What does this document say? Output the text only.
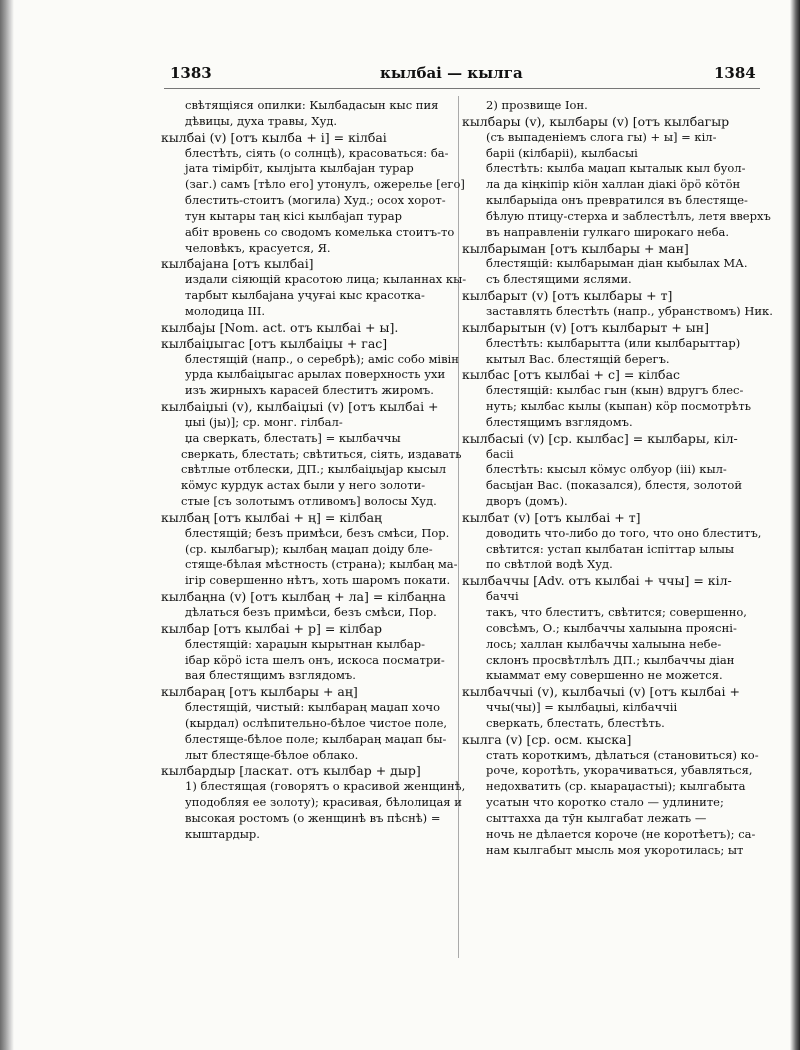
1383	кылбаі — кылга	1384
свѣтящіяся опилки: Кылбадасын кыс пия
дѣвицы, духа травы, Худ.
кылбаі (v) [отъ кылба + і] = кілбаі
блестѣть, сіять (о солнцѣ), красоваться: ба-
јата тімірбіт, кылјыта кылбајан турар
(заг.) самъ [тѣло его] утонулъ, ожерелье [его]
блестить-стоитъ (могила) Худ.; осох хорот-
тун кытары таң кісі кылбајап турар
абіт вровень со сводомъ комелька стоитъ-то
человѣкъ, красуется, Я.
кылбајана [отъ кылбаі]
издали сіяющій красотою лица; кыланнах кы-
тарбыт кылбајана уҷуғаі кыс красотка-
молодица III.
кылбајы [Nom. act. отъ кылбаі + ы].
кылбаіџыгас [отъ кылбаіџы + гас]
блестящій (напр., о серебрѣ); амiс собо мiвiн
урда кылбаіџыгас арылах поверхность ухи
изъ жирныхъ карасей блеститъ жиромъ.
кылбаіџыі (v), кылбаіџыі (v) [отъ кылбаі +
џыі (јы)]; ср. монг. гілбал-
џа сверкать, блестать] = кылбаччы
сверкать, блестать; свѣтиться, сіять, издавать
свѣтлые отблески, ДП.; кылбаіџыјар кысыл
кӧмус курдук астах были у него золоти-
стые [съ золотымъ отливомъ] волосы Худ.
кылбаң [отъ кылбаі + ң] = кілбаң
блестящій; безъ примѣси, безъ смѣси, Пор.
(ср. кылбагыр); кылбаң маџап доіду бле-
стяще-бѣлая мѣстность (страна); кылбаң ма-
ігір совершенно нѣтъ, хоть шаромъ покати.
кылбаңна (v) [отъ кылбаң + ла] = кілбаңна
дѣлаться безъ примѣси, безъ смѣси, Пор.
кылбар [отъ кылбаі + р] = кілбар
блестящій: хараџын кырытнан кылбар-
ібар кӧрӧ іста шелъ онъ, искоса посматри-
вая блестящимъ взглядомъ.
кылбараң [отъ кылбары + аң]
блестящій, чистый: кылбараң маџап хочо
(кырдал) ослѣпительно-бѣлое чистое поле,
блестяще-бѣлое поле; кылбараң маџап бы-
лыт блестяще-бѣлое облако.
кылбардыр [ласкат. отъ кылбар + дыр]
1) блестящая (говорятъ о красивой женщинѣ,
уподобляя ее золоту); красивая, бѣлолицая и
высокая ростомъ (о женщинѣ въ пѣснѣ) =
кыштардыр.
2) прозвище Іон.
кылбары (v), кылбары (v) [отъ кылбагыр
(съ выпаденіемъ слога гы) + ы] = кіл-
баріі (кілбаріі), кылбасыі
блестѣть: кылба маџап кыталык кыл буол-
ла да кіңкіпір кіӧн халлан діакі ӧрӧ кӧтӧн
кылбарыіда онъ превратился въ блестяще-
бѣлую птицу-стерха и заблестѣлъ, летя вверхъ
въ направленіи гулкаго широкаго неба.
кылбарыман [отъ кылбары + ман]
блестящій: кылбарыман діан кыбылах МА.
съ блестящими яслями.
кылбарыт (v) [отъ кылбары + т]
заставлять блестѣть (напр., убранствомъ) Ник.
кылбарытын (v) [отъ кылбарыт + ын]
блестѣть: кылбарытта (или кылбарыттар)
кытыл Вас. блестящій берегъ.
кылбас [отъ кылбаі + с] = кілбас
блестящій: кылбас гын (кын) вдругъ блес-
нуть; кылбас кылы (кыпан) кӧр посмотрѣть
блестящимъ взглядомъ.
кылбасыі (v) [ср. кылбас] = кылбары, кіл-
басіі
блестѣть: кысыл кӧмус олбуор (ііі) кыл-
басыјан Вас. (показался), блестя, золотой
дворъ (домъ).
кылбат (v) [отъ кылбаі + т]
доводить что-либо до того, что оно блеститъ,
свѣтится: устап кылбатан іспіттар ылыы
по свѣтлой водѣ Худ.
кылбаччы [Adv. отъ кылбаі + ччы] = кіл-
баччі
такъ, что блеститъ, свѣтится; совершенно,
совсѣмъ, О.; кылбаччы халыына прояснi-
лось; халлан кылбаччы халыына небе-
склонъ просвѣтлѣлъ ДП.; кылбаччы діан
кыаммат ему совершенно не можется.
кылбаччыі (v), кылбачыі (v) [отъ кылбаі +
ччы(чы)] = кылбаџыі, кілбаччіі
сверкать, блестать, блестѣть.
кылга (v) [ср. осм. кыска]
стать короткимъ, дѣлаться (становиться) ко-
роче, коротѣть, укорачиваться, убавляться,
недохватить (ср. кыараџастыі); кылгабыта
усатын что коротко стало — удлините;
сыттахха да тӯн кылгабат лежать —
ночь не дѣлается короче (не коротѣетъ); са-
нам кылгабыт мысль моя укоротилась; ыт
